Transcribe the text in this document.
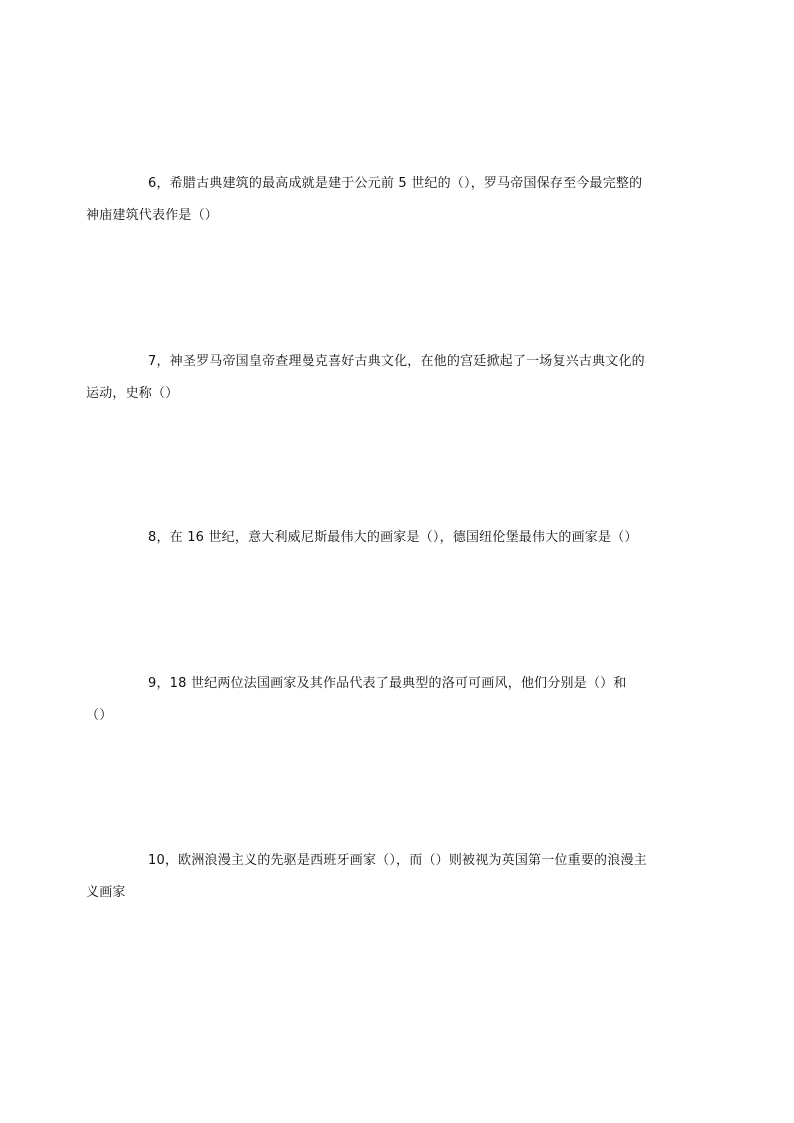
6，希腊古典建筑的最高成就是建于公元前 5 世纪的（），罗马帝国保存至今最完整的
神庙建筑代表作是（）
7，神圣罗马帝国皇帝查理曼克喜好古典文化，在他的宫廷掀起了一场复兴古典文化的
运动，史称（）
8，在 16 世纪，意大利威尼斯最伟大的画家是（），德国纽伦堡最伟大的画家是（）
9，18 世纪两位法国画家及其作品代表了最典型的洛可可画风，他们分别是（）和
（）
10，欧洲浪漫主义的先驱是西班牙画家（），而（）则被视为英国第一位重要的浪漫主
义画家
